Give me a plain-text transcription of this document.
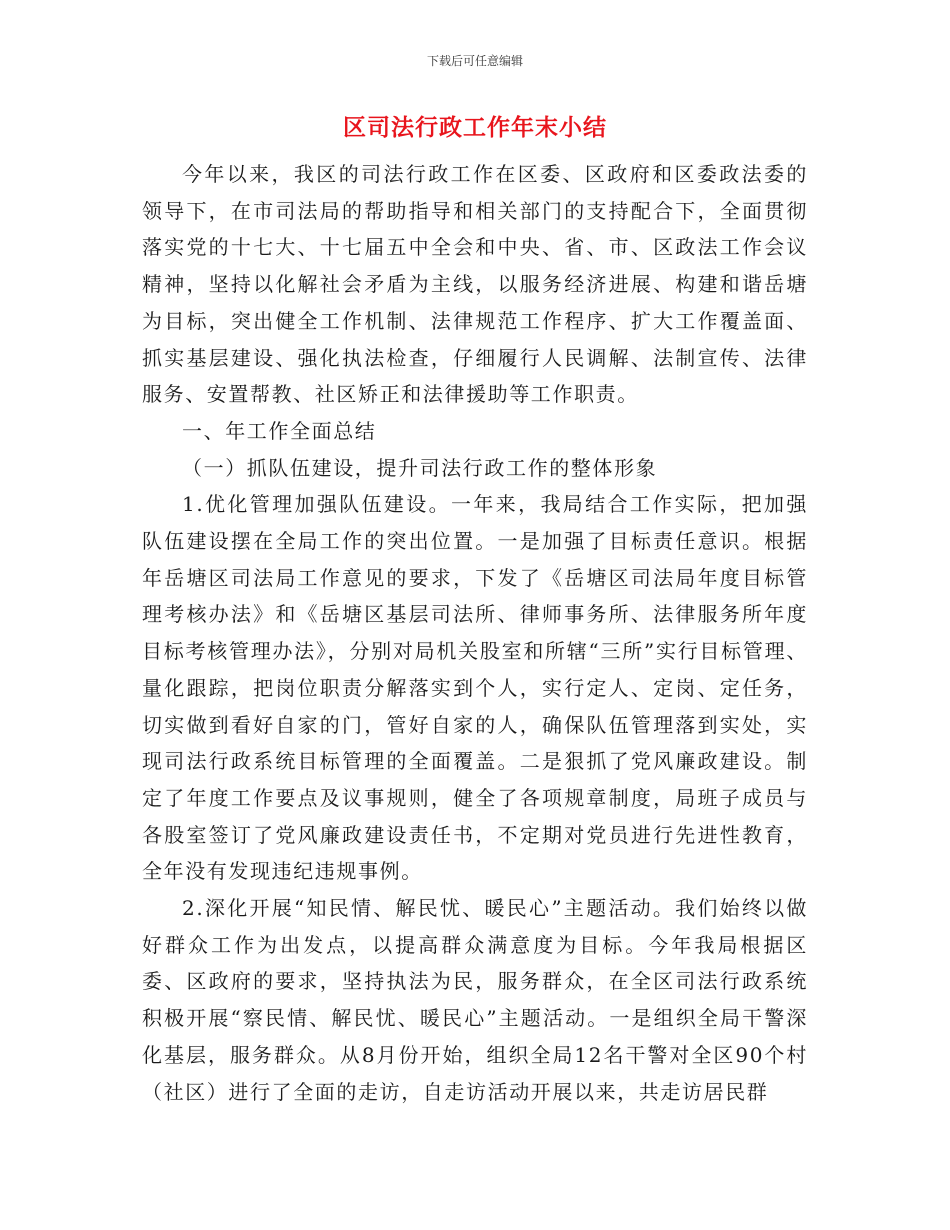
下载后可任意编辑
区司法行政工作年末小结

今年以来，我区的司法行政工作在区委、区政府和区委政法委的领导下，在市司法局的帮助指导和相关部门的支持配合下，全面贯彻落实党的十七大、十七届五中全会和中央、省、市、区政法工作会议精神，坚持以化解社会矛盾为主线，以服务经济进展、构建和谐岳塘为目标，突出健全工作机制、法律规范工作程序、扩大工作覆盖面、抓实基层建设、强化执法检查，仔细履行人民调解、法制宣传、法律服务、安置帮教、社区矫正和法律援助等工作职责。

一、年工作全面总结

（一）抓队伍建设，提升司法行政工作的整体形象

1.优化管理加强队伍建设。一年来，我局结合工作实际，把加强队伍建设摆在全局工作的突出位置。一是加强了目标责任意识。根据年岳塘区司法局工作意见的要求，下发了《岳塘区司法局年度目标管理考核办法》和《岳塘区基层司法所、律师事务所、法律服务所年度目标考核管理办法》，分别对局机关股室和所辖“三所”实行目标管理、量化跟踪，把岗位职责分解落实到个人，实行定人、定岗、定任务，切实做到看好自家的门，管好自家的人，确保队伍管理落到实处，实现司法行政系统目标管理的全面覆盖。二是狠抓了党风廉政建设。制定了年度工作要点及议事规则，健全了各项规章制度，局班子成员与各股室签订了党风廉政建设责任书，不定期对党员进行先进性教育，全年没有发现违纪违规事例。

2.深化开展“知民情、解民忧、暖民心”主题活动。我们始终以做好群众工作为出发点，以提高群众满意度为目标。今年我局根据区委、区政府的要求，坚持执法为民，服务群众，在全区司法行政系统积极开展“察民情、解民忧、暖民心”主题活动。一是组织全局干警深化基层，服务群众。从8月份开始，组织全局12名干警对全区90个村（社区）进行了全面的走访，自走访活动开展以来，共走访居民群
